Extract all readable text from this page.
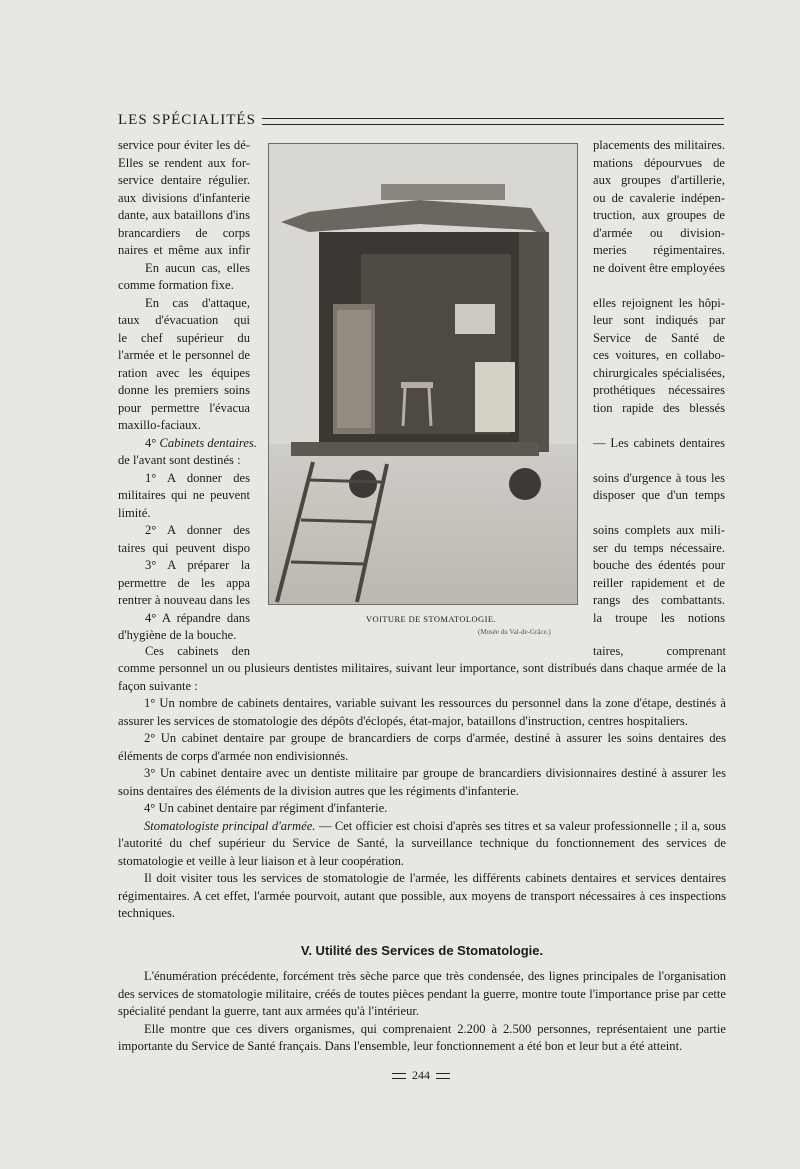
LES SPÉCIALITÉS
service pour éviter les dé-
Elles se rendent aux for-
service dentaire régulier.
aux divisions d'infanterie
dante, aux bataillons d'ins
brancardiers de corps
naires et même aux infir
En aucun cas, elles
comme formation fixe.
En cas d'attaque,
taux d'évacuation qui
le chef supérieur du
l'armée et le personnel de
ration avec les équipes
donne les premiers soins
pour permettre l'évacua
maxillo-faciaux.
4° Cabinets dentaires.
de l'avant sont destinés :
1° A donner des
militaires qui ne peuvent
limité.
2° A donner des
taires qui peuvent dispo
3° A préparer la
permettre de les appa
rentrer à nouveau dans les
4° A répandre dans
d'hygiène de la bouche.
placements des militaires.
mations dépourvues de
aux groupes d'artillerie,
ou de cavalerie indépen-
truction, aux groupes de
d'armée ou division-
meries régimentaires.
ne doivent être employées
elles rejoignent les hôpi-
leur sont indiqués par
Service de Santé de
ces voitures, en collabo-
chirurgicales spécialisées,
prothétiques nécessaires
tion rapide des blessés
— Les cabinets dentaires
soins d'urgence à tous les
disposer que d'un temps
soins complets aux mili-
ser du temps nécessaire.
bouche des édentés pour
reiller rapidement et de
rangs des combattants.
la troupe les notions
VOITURE DE STOMATOLOGIE.
(Musée du Val-de-Grâce.)
Ces cabinets den	taires, comprenant

comme personnel un ou plusieurs dentistes militaires, suivant leur importance, sont distribués dans chaque armée de la façon suivante :

1° Un nombre de cabinets dentaires, variable suivant les ressources du personnel dans la zone d'étape, destinés à assurer les services de stomatologie des dépôts d'éclopés, état-major, bataillons d'instruction, centres hospitaliers.

2° Un cabinet dentaire par groupe de brancardiers de corps d'armée, destiné à assurer les soins dentaires des éléments de corps d'armée non endivisionnés.

3° Un cabinet dentaire avec un dentiste militaire par groupe de brancardiers divisionnaires destiné à assurer les soins dentaires des éléments de la division autres que les régiments d'infanterie.

4° Un cabinet dentaire par régiment d'infanterie.

Stomatologiste principal d'armée. — Cet officier est choisi d'après ses titres et sa valeur professionnelle ; il a, sous l'autorité du chef supérieur du Service de Santé, la surveillance technique du fonctionnement des services de stomatologie et veille à leur liaison et à leur coopération.

Il doit visiter tous les services de stomatologie de l'armée, les différents cabinets dentaires et services dentaires régimentaires. A cet effet, l'armée pourvoit, autant que possible, aux moyens de transport nécessaires à ces inspections techniques.

V. Utilité des Services de Stomatologie.

L'énumération précédente, forcément très sèche parce que très condensée, des lignes principales de l'organisation des services de stomatologie militaire, créés de toutes pièces pendant la guerre, montre toute l'importance prise par cette spécialité pendant la guerre, tant aux armées qu'à l'intérieur.

Elle montre que ces divers organismes, qui comprenaient 2.200 à 2.500 personnes, représentaient une partie importante du Service de Santé français. Dans l'ensemble, leur fonctionnement a été bon et leur but a été atteint.

244
